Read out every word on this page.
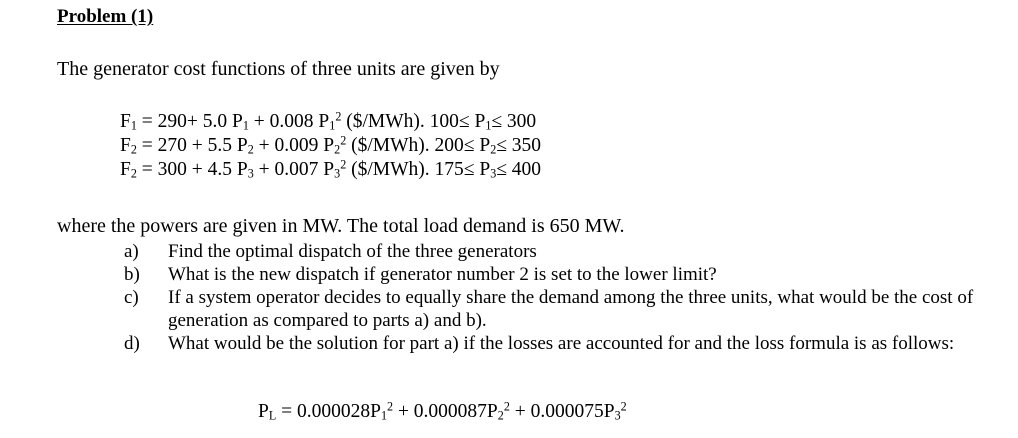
Problem (1)
The generator cost functions of three units are given by
$F_1 = 290+ 5.0$ $P_1 + 0.008$ $P_1^2$ ($/MWh). $100\le P_1\le 300$
$F_2 = 270 + 5.5$ $P_2 + 0.009$ $P_2^2$ ($/MWh). $200\le P_2\le 350$
$F_2 = 300 + 4.5$ $P_3 + 0.007$ $P_3^2$ ($/MWh). $175\le P_3\le 400$
where the powers are given in MW. The total load demand is 650 MW.
a)	Find the optimal dispatch of the three generators
b)	What is the new dispatch if generator number 2 is set to the lower limit?
c)	If a system operator decides to equally share the demand among the three units, what would be the cost of generation as compared to parts a) and b).
d)	What would be the solution for part a) if the losses are accounted for and the loss formula is as follows:
$P_L = 0.000028P_1^2 + 0.000087P_2^2 + 0.000075P_3^2$
